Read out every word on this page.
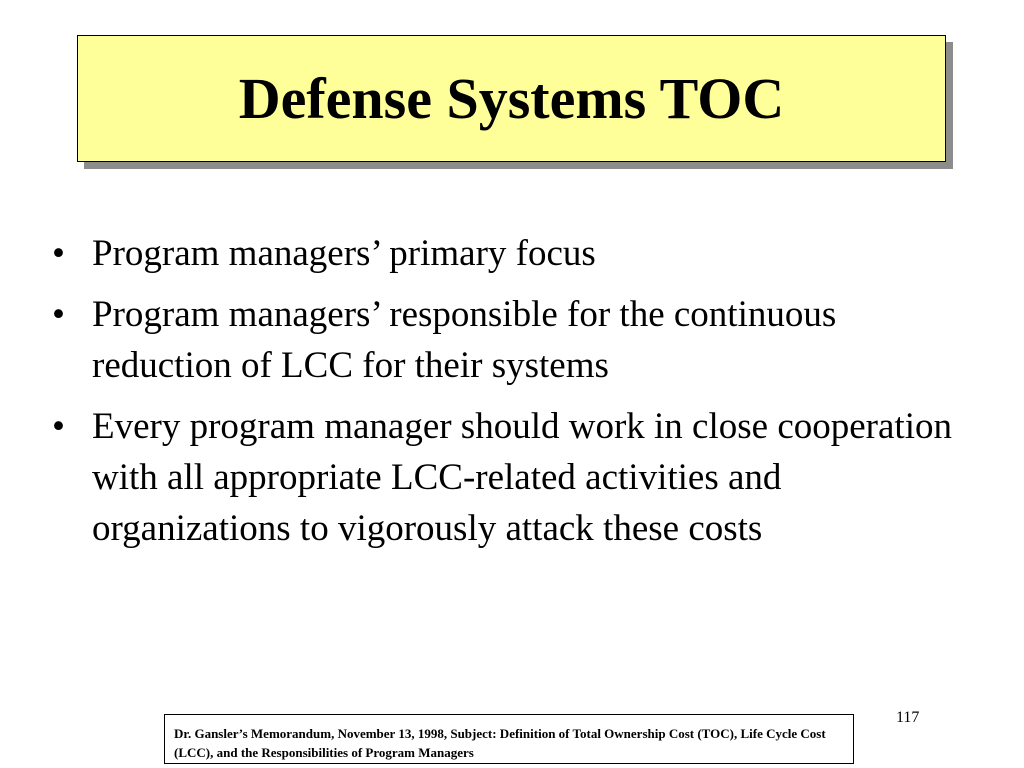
Defense Systems TOC
• Program managers’ primary focus
• Program managers’ responsible for the continuous reduction of LCC for their systems
• Every program manager should work in close cooperation with all appropriate LCC-related activities and organizations to vigorously attack these costs
117
Dr. Gansler’s Memorandum, November 13, 1998, Subject: Definition of Total Ownership Cost (TOC), Life Cycle Cost (LCC), and the Responsibilities of Program Managers
